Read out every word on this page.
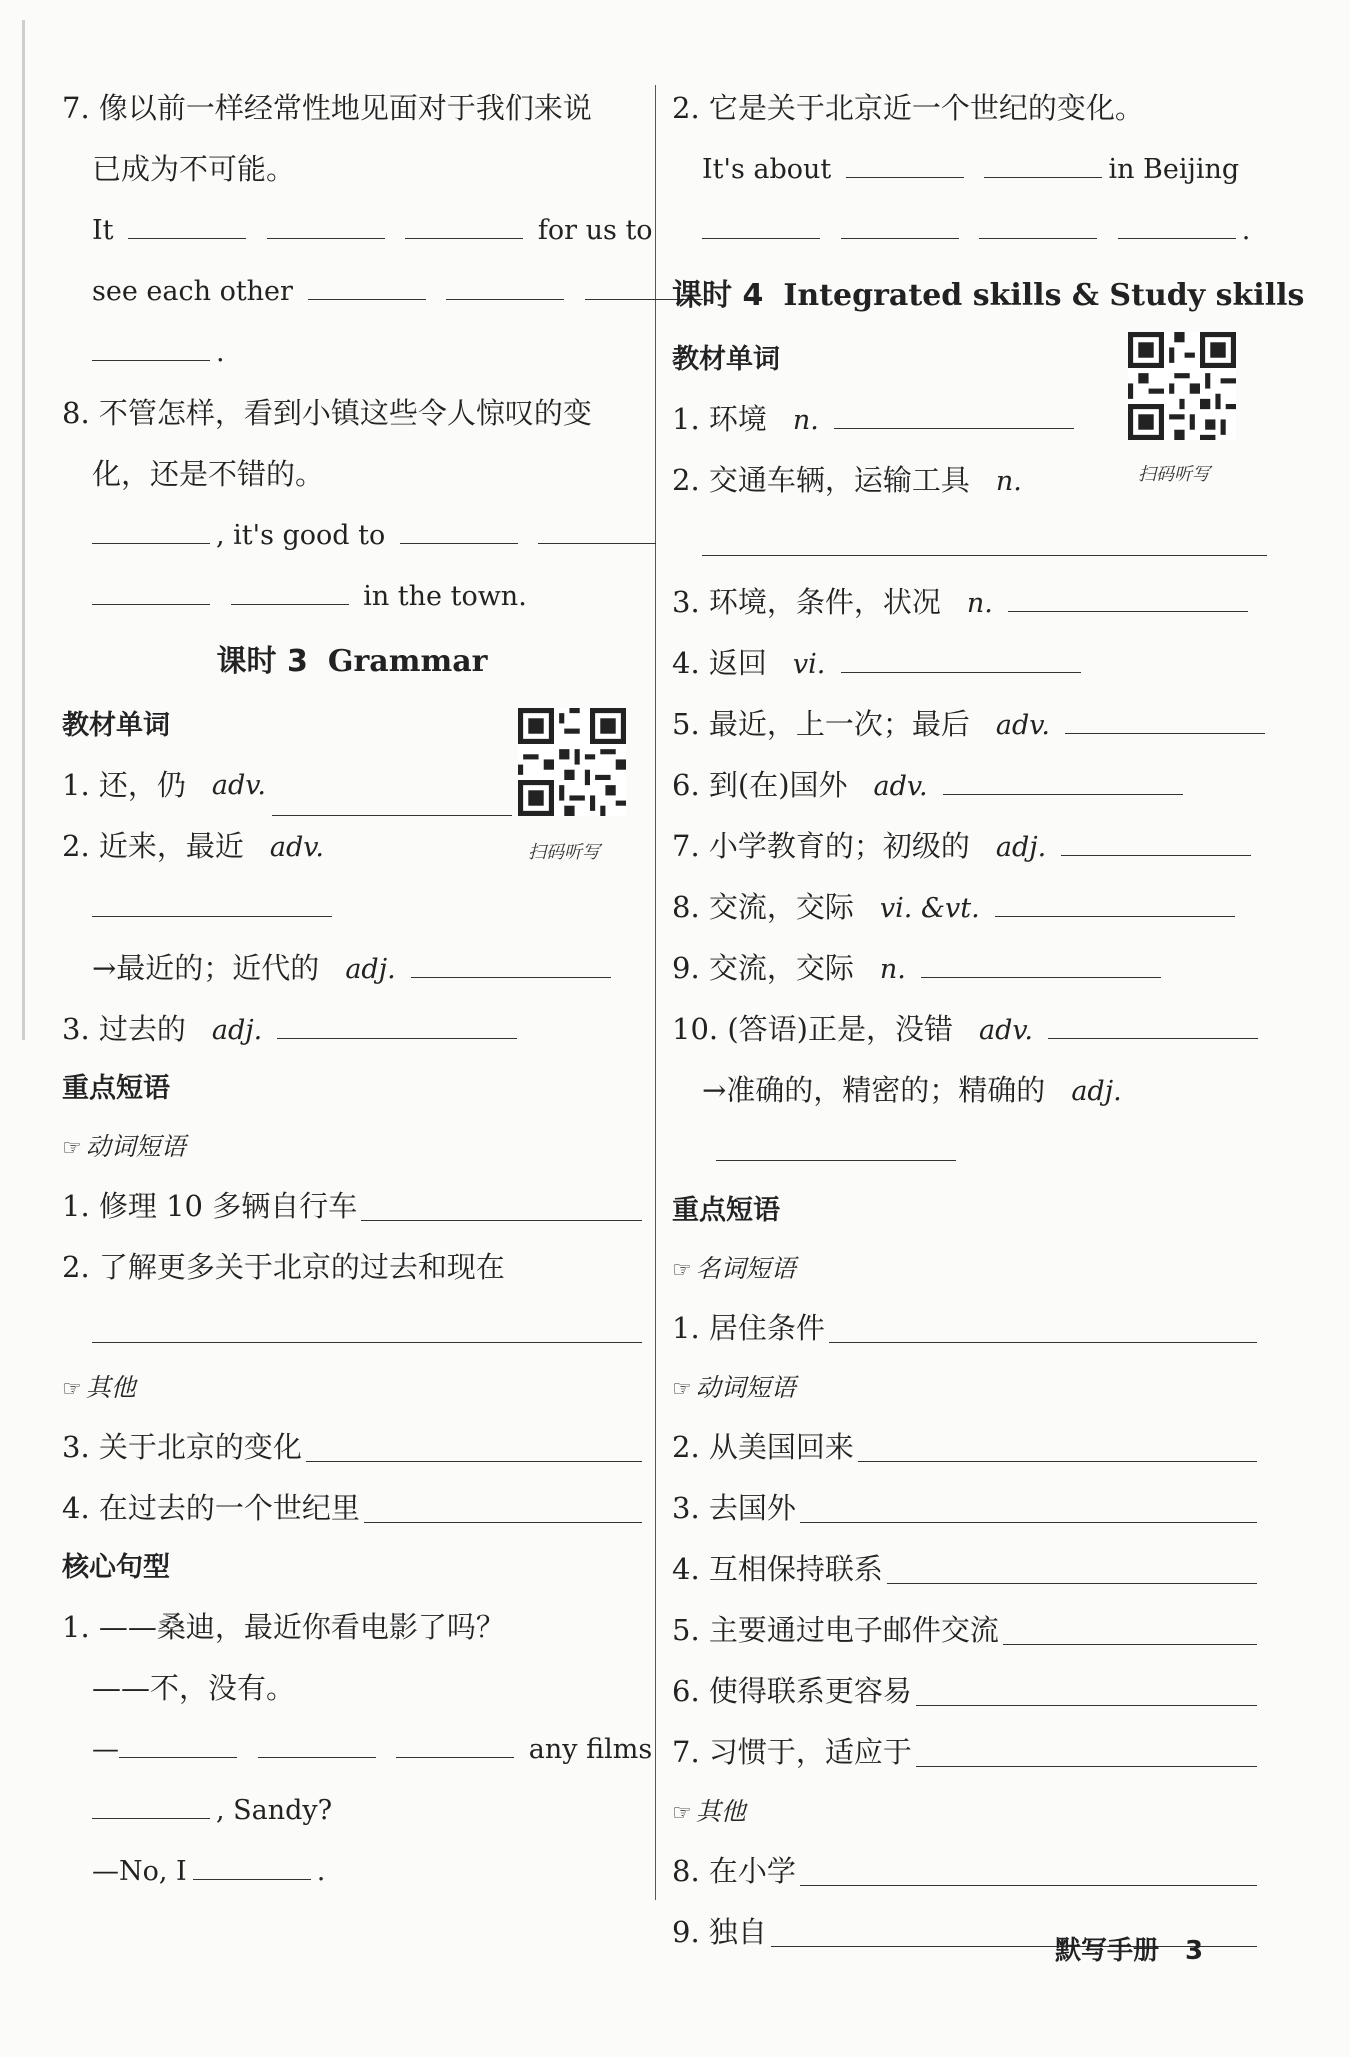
7. 像以前一样经常性地见面对于我们来说
已成为不可能。
It	for us to
see each other
.
8. 不管怎样，看到小镇这些令人惊叹的变
化，还是不错的。
, it's good to
in the town.
课时 3 Grammar
教材单词
1. 还，仍 adv.
2. 近来，最近 adv.
→最近的；近代的 adj.
3. 过去的 adj.
重点短语
☞ 动词短语
1. 修理 10 多辆自行车
2. 了解更多关于北京的过去和现在
☞ 其他
3. 关于北京的变化
4. 在过去的一个世纪里
核心句型
1. ——桑迪，最近你看电影了吗？
——不，没有。
—	any films
, Sandy?
—No, I	.
扫码听写
2. 它是关于北京近一个世纪的变化。
It's about	in Beijing
.
课时 4 Integrated skills & Study skills
教材单词
1. 环境 n.
2. 交通车辆，运输工具 n.
3. 环境，条件，状况 n.
4. 返回 vi.
5. 最近，上一次；最后 adv.
6. 到(在)国外 adv.
7. 小学教育的；初级的 adj.
8. 交流，交际 vi. &vt.
9. 交流，交际 n.
10. (答语)正是，没错 adv.
→准确的，精密的；精确的 adj.
重点短语
☞ 名词短语
1. 居住条件
☞ 动词短语
2. 从美国回来
3. 去国外
4. 互相保持联系
5. 主要通过电子邮件交流
6. 使得联系更容易
7. 习惯于，适应于
☞ 其他
8. 在小学
9. 独自
扫码听写
默写手册 3
